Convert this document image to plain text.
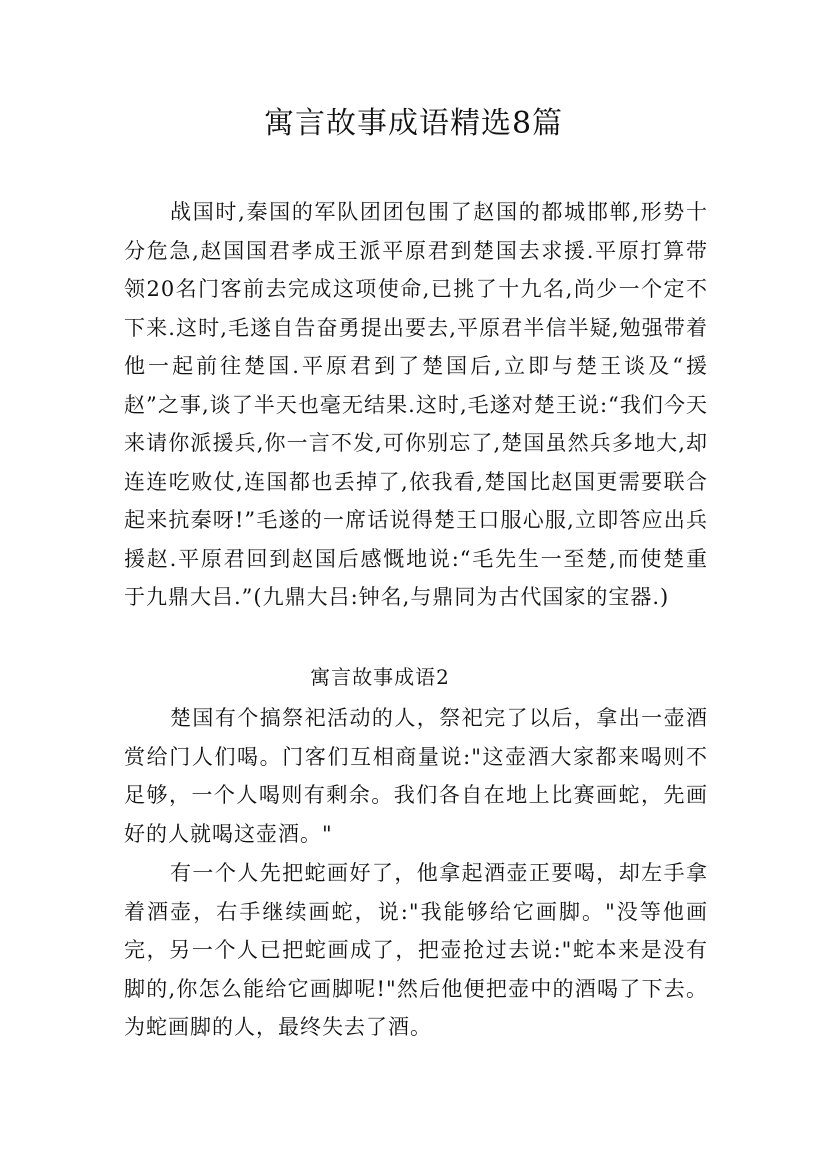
寓言故事成语精选8篇
战国时,秦国的军队团团包围了赵国的都城邯郸,形势十分危急,赵国国君孝成王派平原君到楚国去求援.平原打算带领20名门客前去完成这项使命,已挑了十九名,尚少一个定不下来.这时,毛遂自告奋勇提出要去,平原君半信半疑,勉强带着他一起前往楚国.平原君到了楚国后,立即与楚王谈及“援赵”之事,谈了半天也毫无结果.这时,毛遂对楚王说:“我们今天来请你派援兵,你一言不发,可你别忘了,楚国虽然兵多地大,却连连吃败仗,连国都也丢掉了,依我看,楚国比赵国更需要联合起来抗秦呀!”毛遂的一席话说得楚王口服心服,立即答应出兵援赵.平原君回到赵国后感慨地说:“毛先生一至楚,而使楚重于九鼎大吕.”(九鼎大吕:钟名,与鼎同为古代国家的宝器.)
寓言故事成语2
楚国有个搞祭祀活动的人，祭祀完了以后，拿出一壶酒赏给门人们喝。门客们互相商量说:"这壶酒大家都来喝则不足够，一个人喝则有剩余。我们各自在地上比赛画蛇，先画好的人就喝这壶酒。"
有一个人先把蛇画好了，他拿起酒壶正要喝，却左手拿着酒壶，右手继续画蛇，说:"我能够给它画脚。"没等他画完，另一个人已把蛇画成了，把壶抢过去说:"蛇本来是没有脚的,你怎么能给它画脚呢!"然后他便把壶中的酒喝了下去。为蛇画脚的人，最终失去了酒。
